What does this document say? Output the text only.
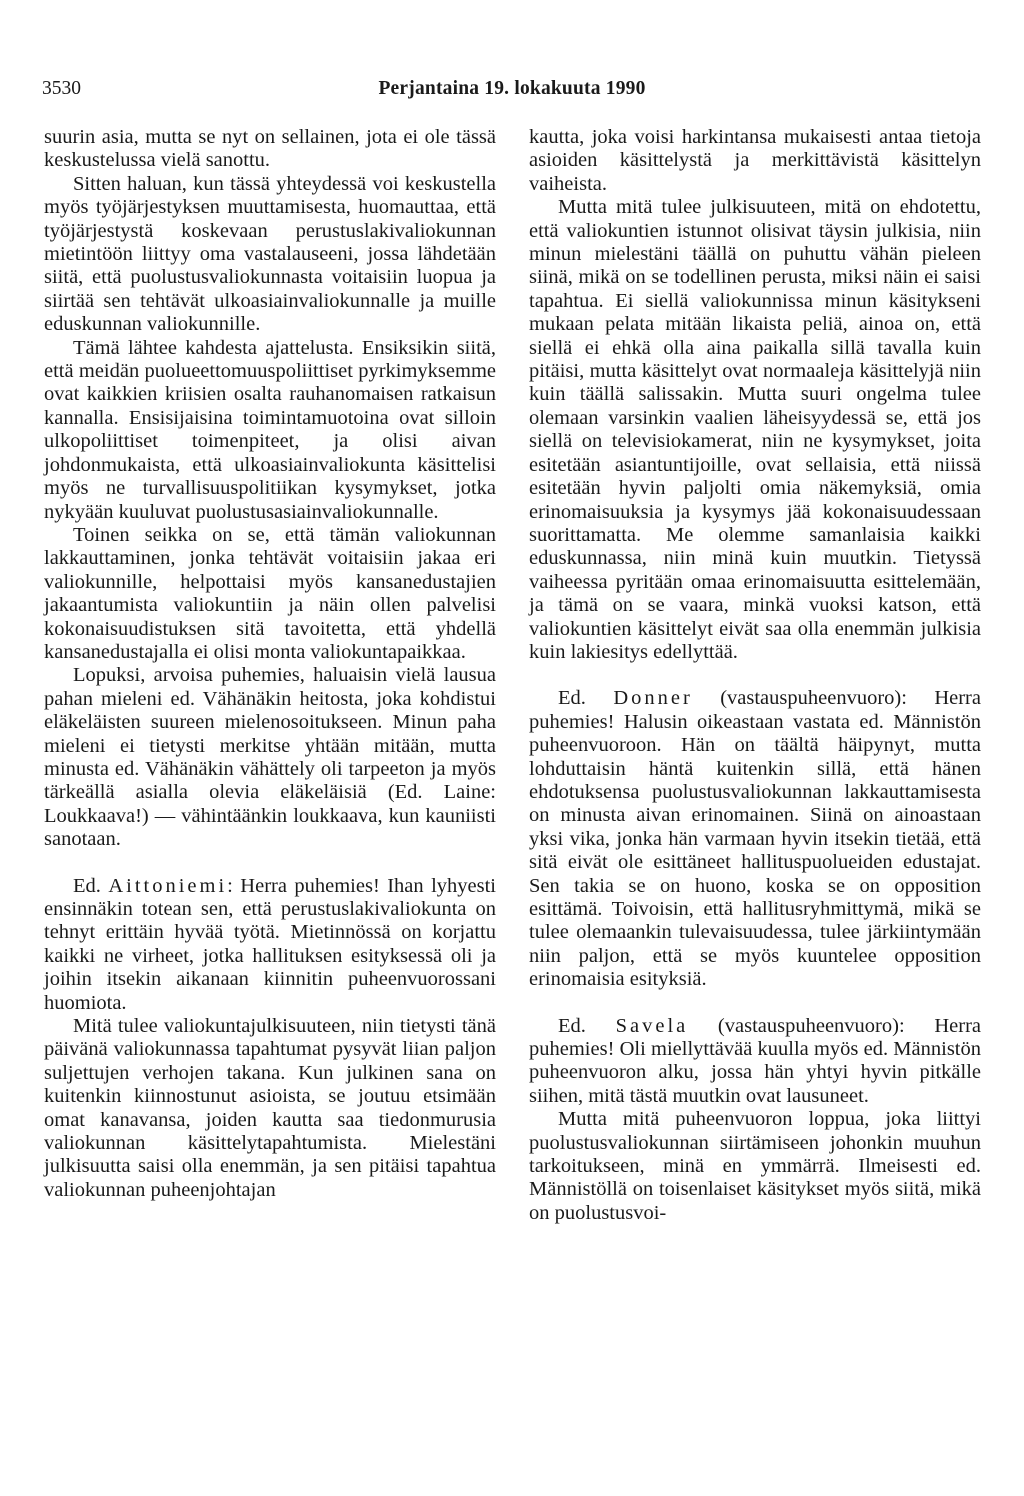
3530	Perjantaina 19. lokakuuta 1990

suurin asia, mutta se nyt on sellainen, jota ei ole tässä keskustelussa vielä sanottu.

Sitten haluan, kun tässä yhteydessä voi keskustella myös työjärjestyksen muuttamisesta, huomauttaa, että työjärjestystä koskevaan perustuslakivaliokunnan mietintöön liittyy oma vastalauseeni, jossa lähdetään siitä, että puolustusvaliokunnasta voitaisiin luopua ja siirtää sen tehtävät ulkoasiainvaliokunnalle ja muille eduskunnan valiokunnille.

Tämä lähtee kahdesta ajattelusta. Ensiksikin siitä, että meidän puolueettomuuspoliittiset pyrkimyksemme ovat kaikkien kriisien osalta rauhanomaisen ratkaisun kannalla. Ensisijaisina toimintamuotoina ovat silloin ulkopoliittiset toimenpiteet, ja olisi aivan johdonmukaista, että ulkoasiainvaliokunta käsittelisi myös ne turvallisuuspolitiikan kysymykset, jotka nykyään kuuluvat puolustusasiainvaliokunnalle.

Toinen seikka on se, että tämän valiokunnan lakkauttaminen, jonka tehtävät voitaisiin jakaa eri valiokunnille, helpottaisi myös kansanedustajien jakaantumista valiokuntiin ja näin ollen palvelisi kokonaisuudistuksen sitä tavoitetta, että yhdellä kansanedustajalla ei olisi monta valiokuntapaikkaa.

Lopuksi, arvoisa puhemies, haluaisin vielä lausua pahan mieleni ed. Vähänäkin heitosta, joka kohdistui eläkeläisten suureen mielenosoitukseen. Minun paha mieleni ei tietysti merkitse yhtään mitään, mutta minusta ed. Vähänäkin vähättely oli tarpeeton ja myös tärkeällä asialla olevia eläkeläisiä (Ed. Laine: Loukkaava!) — vähintäänkin loukkaava, kun kauniisti sanotaan.

Ed. Aittoniemi: Herra puhemies! Ihan lyhyesti ensinnäkin totean sen, että perustuslakivaliokunta on tehnyt erittäin hyvää työtä. Mietinnössä on korjattu kaikki ne virheet, jotka hallituksen esityksessä oli ja joihin itsekin aikanaan kiinnitin puheenvuorossani huomiota.

Mitä tulee valiokuntajulkisuuteen, niin tietysti tänä päivänä valiokunnassa tapahtumat pysyvät liian paljon suljettujen verhojen takana. Kun julkinen sana on kuitenkin kiinnostunut asioista, se joutuu etsimään omat kanavansa, joiden kautta saa tiedonmurusia valiokunnan käsittelytapahtumista. Mielestäni julkisuutta saisi olla enemmän, ja sen pitäisi tapahtua valiokunnan puheenjohtajan

kautta, joka voisi harkintansa mukaisesti antaa tietoja asioiden käsittelystä ja merkittävistä käsittelyn vaiheista.

Mutta mitä tulee julkisuuteen, mitä on ehdotettu, että valiokuntien istunnot olisivat täysin julkisia, niin minun mielestäni täällä on puhuttu vähän pieleen siinä, mikä on se todellinen perusta, miksi näin ei saisi tapahtua. Ei siellä valiokunnissa minun käsitykseni mukaan pelata mitään likaista peliä, ainoa on, että siellä ei ehkä olla aina paikalla sillä tavalla kuin pitäisi, mutta käsittelyt ovat normaaleja käsittelyjä niin kuin täällä salissakin. Mutta suuri ongelma tulee olemaan varsinkin vaalien läheisyydessä se, että jos siellä on televisiokamerat, niin ne kysymykset, joita esitetään asiantuntijoille, ovat sellaisia, että niissä esitetään hyvin paljolti omia näkemyksiä, omia erinomaisuuksia ja kysymys jää kokonaisuudessaan suorittamatta. Me olemme samanlaisia kaikki eduskunnassa, niin minä kuin muutkin. Tietyssä vaiheessa pyritään omaa erinomaisuutta esittelemään, ja tämä on se vaara, minkä vuoksi katson, että valiokuntien käsittelyt eivät saa olla enemmän julkisia kuin lakiesitys edellyttää.

Ed. Donner (vastauspuheenvuoro): Herra puhemies! Halusin oikeastaan vastata ed. Männistön puheenvuoroon. Hän on täältä häipynyt, mutta lohduttaisin häntä kuitenkin sillä, että hänen ehdotuksensa puolustusvaliokunnan lakkauttamisesta on minusta aivan erinomainen. Siinä on ainoastaan yksi vika, jonka hän varmaan hyvin itsekin tietää, että sitä eivät ole esittäneet hallituspuolueiden edustajat. Sen takia se on huono, koska se on opposition esittämä. Toivoisin, että hallitusryhmittymä, mikä se tulee olemaankin tulevaisuudessa, tulee järkiintymään niin paljon, että se myös kuuntelee opposition erinomaisia esityksiä.

Ed. Savela (vastauspuheenvuoro): Herra puhemies! Oli miellyttävää kuulla myös ed. Männistön puheenvuoron alku, jossa hän yhtyi hyvin pitkälle siihen, mitä tästä muutkin ovat lausuneet.

Mutta mitä puheenvuoron loppua, joka liittyi puolustusvaliokunnan siirtämiseen johonkin muuhun tarkoitukseen, minä en ymmärrä. Ilmeisesti ed. Männistöllä on toisenlaiset käsitykset myös siitä, mikä on puolustusvoi-
